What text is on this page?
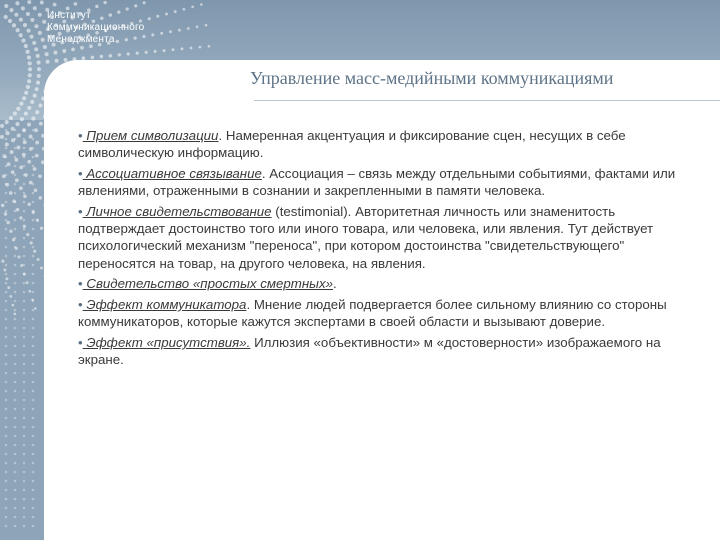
Институт
Коммуникационного
Менеджмента
Управление масс-медийными коммуникациями

• Прием символизации. Намеренная акцентуация и фиксирование сцен, несущих в себе символическую информацию.

• Ассоциативное связывание. Ассоциация – связь между отдельными событиями, фактами или явлениями, отраженными в сознании и закрепленными в памяти человека.

• Личное свидетельствование (testimonial). Авторитетная личность или знаменитость подтверждает достоинство того или иного товара, или человека, или явления. Тут действует психологический механизм "переноса", при котором достоинства "свидетельствующего" переносятся на товар, на другого человека, на явления.

• Свидетельство «простых смертных».

• Эффект коммуникатора. Мнение людей подвергается более сильному влиянию со стороны коммуникаторов, которые кажутся экспертами в своей области и вызывают доверие.

• Эффект «присутствия». Иллюзия «объективности» м «достоверности» изображаемого на экране.
